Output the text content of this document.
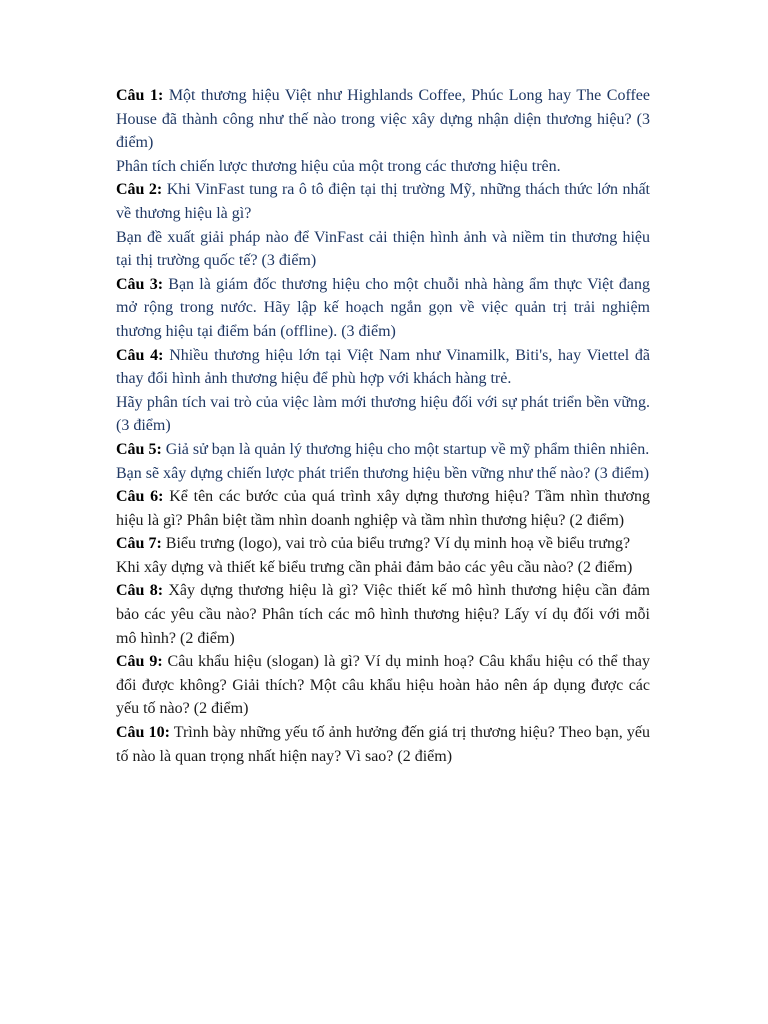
Câu 1: Một thương hiệu Việt như Highlands Coffee, Phúc Long hay The Coffee House đã thành công như thế nào trong việc xây dựng nhận diện thương hiệu? (3 điểm)

Phân tích chiến lược thương hiệu của một trong các thương hiệu trên.

Câu 2: Khi VinFast tung ra ô tô điện tại thị trường Mỹ, những thách thức lớn nhất về thương hiệu là gì?

Bạn đề xuất giải pháp nào để VinFast cải thiện hình ảnh và niềm tin thương hiệu tại thị trường quốc tế? (3 điểm)

Câu 3: Bạn là giám đốc thương hiệu cho một chuỗi nhà hàng ẩm thực Việt đang mở rộng trong nước. Hãy lập kế hoạch ngắn gọn về việc quản trị trải nghiệm thương hiệu tại điểm bán (offline). (3 điểm)

Câu 4: Nhiều thương hiệu lớn tại Việt Nam như Vinamilk, Biti's, hay Viettel đã thay đổi hình ảnh thương hiệu để phù hợp với khách hàng trẻ.

Hãy phân tích vai trò của việc làm mới thương hiệu đối với sự phát triển bền vững. (3 điểm)

Câu 5: Giả sử bạn là quản lý thương hiệu cho một startup về mỹ phẩm thiên nhiên.

Bạn sẽ xây dựng chiến lược phát triển thương hiệu bền vững như thế nào? (3 điểm)

Câu 6: Kể tên các bước của quá trình xây dựng thương hiệu? Tầm nhìn thương hiệu là gì? Phân biệt tầm nhìn doanh nghiệp và tầm nhìn thương hiệu? (2 điểm)

Câu 7: Biểu trưng (logo), vai trò của biểu trưng? Ví dụ minh hoạ về biểu trưng?

Khi xây dựng và thiết kế biểu trưng cần phải đảm bảo các yêu cầu nào? (2 điểm)

Câu 8: Xây dựng thương hiệu là gì? Việc thiết kế mô hình thương hiệu cần đảm bảo các yêu cầu nào? Phân tích các mô hình thương hiệu? Lấy ví dụ đối với mỗi mô hình? (2 điểm)

Câu 9: Câu khẩu hiệu (slogan) là gì? Ví dụ minh hoạ? Câu khẩu hiệu có thể thay đổi được không? Giải thích? Một câu khẩu hiệu hoàn hảo nên áp dụng được các yếu tố nào? (2 điểm)

Câu 10: Trình bày những yếu tố ảnh hưởng đến giá trị thương hiệu? Theo bạn, yếu tố nào là quan trọng nhất hiện nay? Vì sao? (2 điểm)
